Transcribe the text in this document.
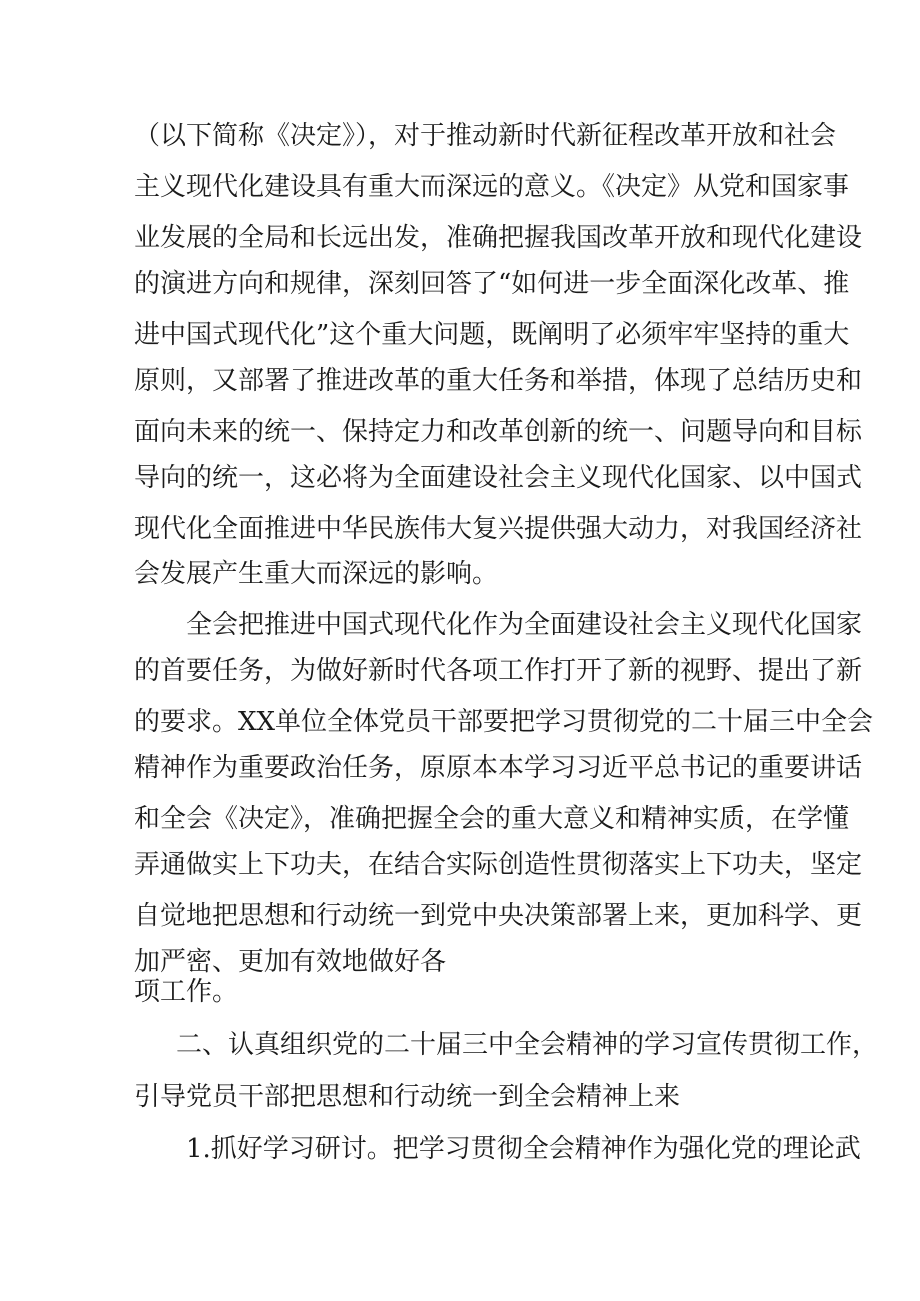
（以下简称《决定》），对于推动新时代新征程改革开放和社会
主义现代化建设具有重大而深远的意义。《决定》从党和国家事
业发展的全局和长远出发，准确把握我国改革开放和现代化建设
的演进方向和规律，深刻回答了“如何进一步全面深化改革、推
进中国式现代化”这个重大问题，既阐明了必须牢牢坚持的重大
原则，又部署了推进改革的重大任务和举措，体现了总结历史和
面向未来的统一、保持定力和改革创新的统一、问题导向和目标
导向的统一，这必将为全面建设社会主义现代化国家、以中国式
现代化全面推进中华民族伟大复兴提供强大动力，对我国经济社
会发展产生重大而深远的影响。
全会把推进中国式现代化作为全面建设社会主义现代化国家
的首要任务，为做好新时代各项工作打开了新的视野、提出了新
的要求。XX单位全体党员干部要把学习贯彻党的二十届三中全会
精神作为重要政治任务，原原本本学习习近平总书记的重要讲话
和全会《决定》，准确把握全会的重大意义和精神实质，在学懂
弄通做实上下功夫，在结合实际创造性贯彻落实上下功夫，坚定
自觉地把思想和行动统一到党中央决策部署上来，更加科学、更
加严密、更加有效地做好各
项工作。
二、认真组织党的二十届三中全会精神的学习宣传贯彻工作，
引导党员干部把思想和行动统一到全会精神上来
1.抓好学习研讨。把学习贯彻全会精神作为强化党的理论武
